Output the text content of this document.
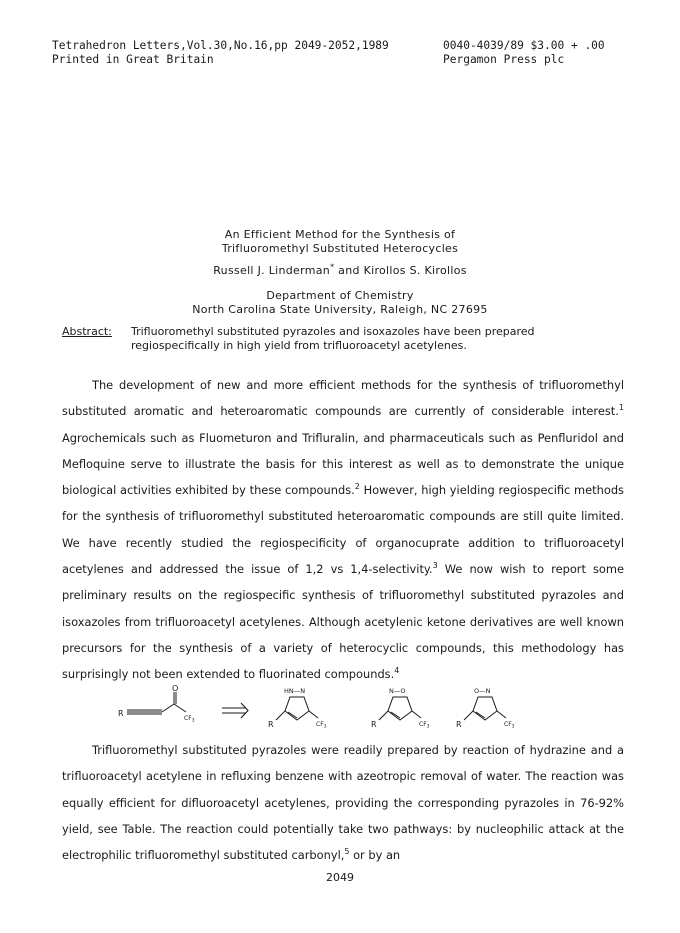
Tetrahedron Letters,Vol.30,No.16,pp 2049-2052,1989
Printed in Great Britain
0040-4039/89 $3.00 + .00
Pergamon Press plc
An Efficient Method for the Synthesis of
Trifluoromethyl Substituted Heterocycles
Russell J. Linderman* and Kirollos S. Kirollos
Department of Chemistry
North Carolina State University, Raleigh, NC 27695
Abstract: Trifluoromethyl substituted pyrazoles and isoxazoles have been prepared regiospecifically in high yield from trifluoroacetyl acetylenes.

The development of new and more efficient methods for the synthesis of trifluoromethyl substituted aromatic and heteroaromatic compounds are currently of considerable interest.$^1$ Agrochemicals such as Fluometuron and Trifluralin, and pharmaceuticals such as Penfluridol and Mefloquine serve to illustrate the basis for this interest as well as to demonstrate the unique biological activities exhibited by these compounds.$^2$ However, high yielding regiospecific methods for the synthesis of trifluoromethyl substituted heteroaromatic compounds are still quite limited. We have recently studied the regiospecificity of organocuprate addition to trifluoroacetyl acetylenes and addressed the issue of 1,2 vs 1,4-selectivity.$^3$ We now wish to report some preliminary results on the regiospecific synthesis of trifluoromethyl substituted pyrazoles and isoxazoles from trifluoroacetyl acetylenes. Although acetylenic ketone derivatives are well known precursors for the synthesis of a variety of heterocyclic compounds, this methodology has surprisingly not been extended to fluorinated compounds.$^4$

R
O
$CF_3$
HN—N
R	$CF_3$
N—O
R	$CF_3$
O—N
R	$CF_3$

Trifluoromethyl substituted pyrazoles were readily prepared by reaction of hydrazine and a trifluoroacetyl acetylene in refluxing benzene with azeotropic removal of water. The reaction was equally efficient for difluoroacetyl acetylenes, providing the corresponding pyrazoles in 76-92% yield, see Table. The reaction could potentially take two pathways: by nucleophilic attack at the electrophilic trifluoromethyl substituted carbonyl,$^5$ or by an

2049
